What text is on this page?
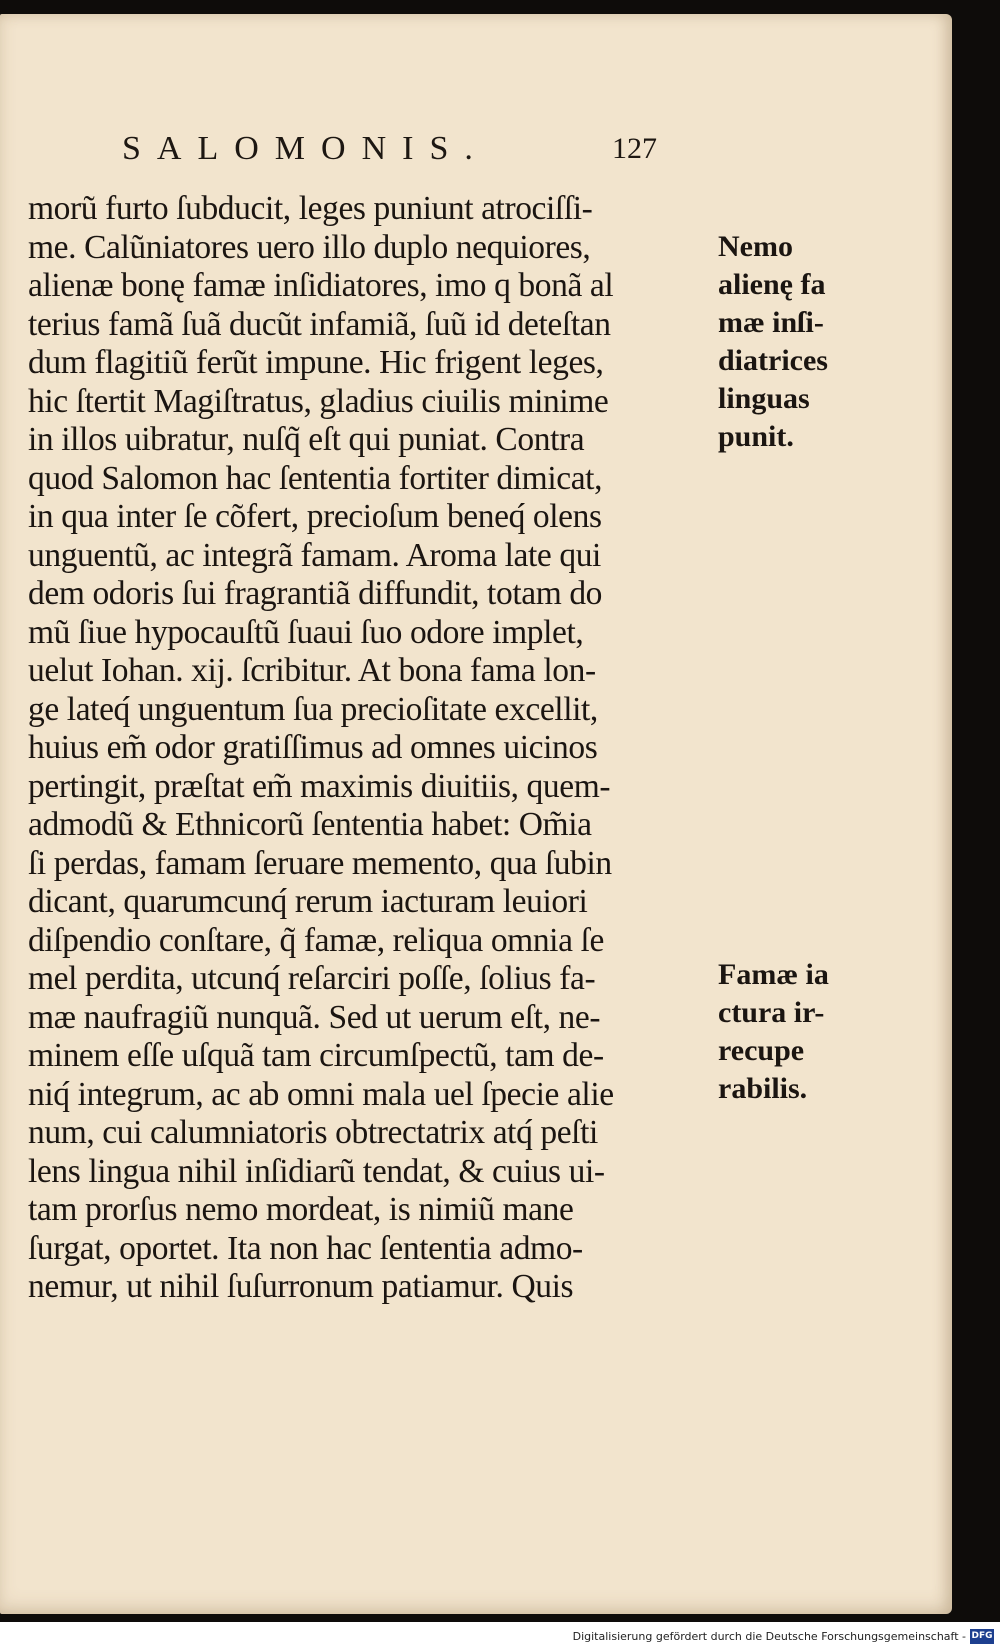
SALOMONIS.	127
morũ furto ſubducit, leges puniunt atrociſſi-
me. Calũniatores uero illo duplo nequiores,
alienæ bonę famæ inſidiatores, imo q bonã al
terius famã ſuã ducũt infamiã, ſuũ id deteſtan
dum flagitiũ ferũt impune. Hic frigent leges,
hic ſtertit Magiſtratus, gladius ciuilis minime
in illos uibratur, nuſq̃ eſt qui puniat. Contra
quod Salomon hac ſententia fortiter dimicat,
in qua inter ſe cõfert, precioſum beneq́ olens
unguentũ, ac integrã famam. Aroma late qui
dem odoris ſui fragrantiã diffundit, totam do
mũ ſiue hypocauſtũ ſuaui ſuo odore implet,
uelut Iohan. xij. ſcribitur. At bona fama lon-
ge lateq́ unguentum ſua precioſitate excellit,
huius em̃ odor gratiſſimus ad omnes uicinos
pertingit, præſtat em̃ maximis diuitiis, quem-
admodũ & Ethnicorũ ſententia habet: Om̃ia
ſi perdas, famam ſeruare memento, qua ſubin
dicant, quarumcunq́ rerum iacturam leuiori
diſpendio conſtare, q̃ famæ, reliqua omnia ſe
mel perdita, utcunq́ reſarciri poſſe, ſolius fa-
mæ naufragiũ nunquã. Sed ut uerum eſt, ne-
minem eſſe uſquã tam circumſpectũ, tam de-
niq́ integrum, ac ab omni mala uel ſpecie alie
num, cui calumniatoris obtrectatrix atq́ peſti
lens lingua nihil inſidiarũ tendat, & cuius ui-
tam prorſus nemo mordeat, is nimiũ mane
ſurgat, oportet. Ita non hac ſententia admo-
nemur, ut nihil ſuſurronum patiamur. Quis
Nemo
alienę fa
mæ inſi-
diatrices
linguas
punit.
Famæ ia
ctura ir-
recupe
rabilis.
Digitalisierung gefördert durch die Deutsche Forschungsgemeinschaft - DFG
